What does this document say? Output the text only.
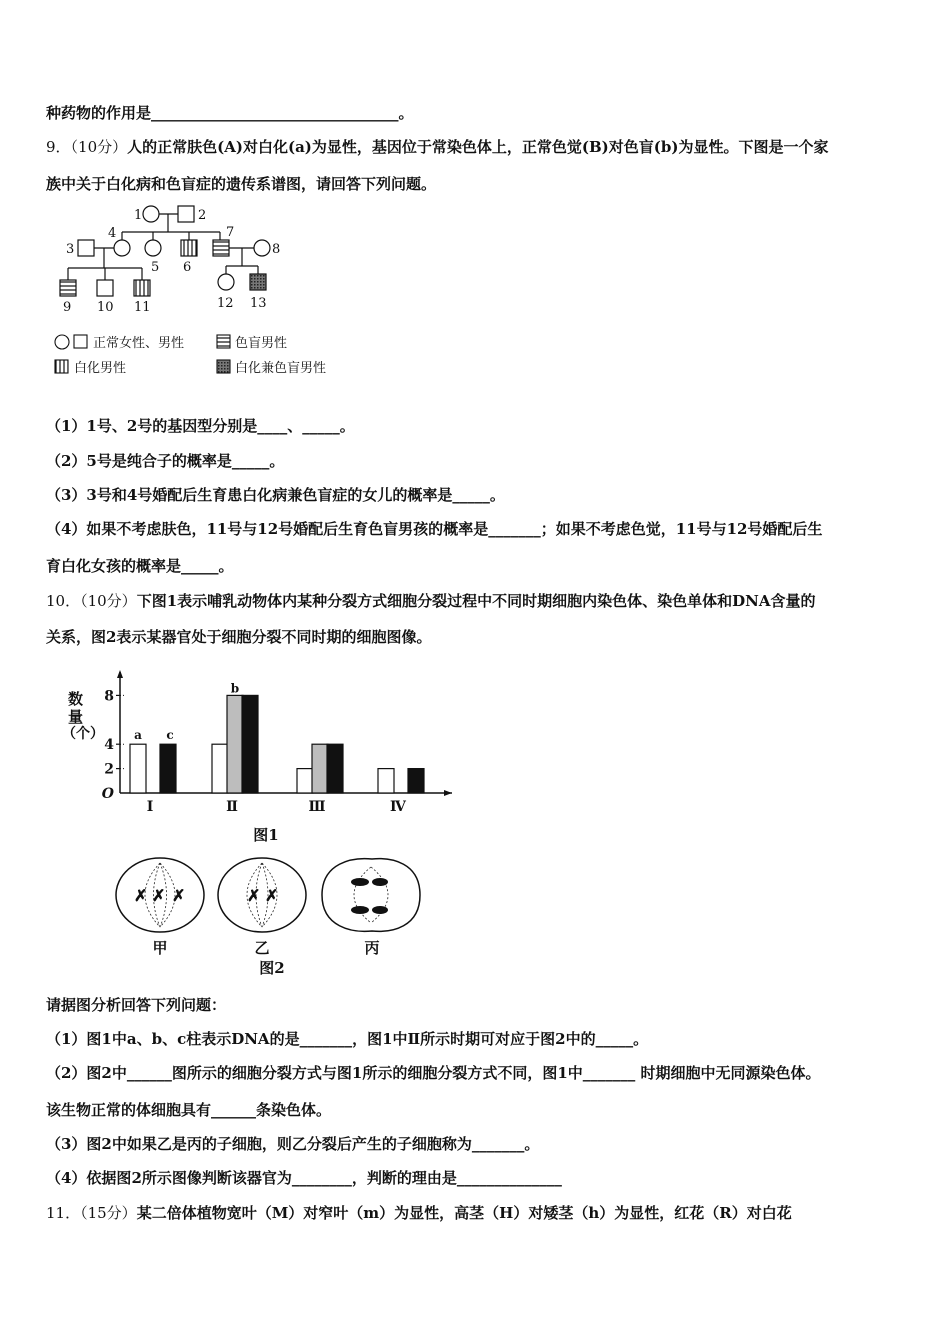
种药物的作用是_________________________________。
9．（10分）人的正常肤色(A)对白化(a)为显性，基因位于常染色体上，正常色觉(B)对色盲(b)为显性。下图是一个家
族中关于白化病和色盲症的遗传系谱图，请回答下列问题。
1	2
3
4
5 6
7
8
9 10 11	12 13
正常女性、男性	色盲男性
白化男性	白化兼色盲男性
（1）1号、2号的基因型分别是____、_____。
（2）5号是纯合子的概率是_____。
（3）3号和4号婚配后生育患白化病兼色盲症的女儿的概率是_____。
（4）如果不考虑肤色，11号与12号婚配后生育色盲男孩的概率是_______；如果不考虑色觉，11号与12号婚配后生
育白化女孩的概率是_____。
10．（10分）下图1表示哺乳动物体内某种分裂方式细胞分裂过程中不同时期细胞内染色体、染色单体和DNA含量的
关系，图2表示某器官处于细胞分裂不同时期的细胞图像。
数
量
（个）
O
2
4
8
Ⅰ	Ⅱ	Ⅲ	Ⅳ
a c
b
图1
✗ ✗ ✗	✗ ✗
甲	乙	丙
图2
请据图分析回答下列问题：
（1）图1中a、b、c柱表示DNA的是_______，图1中Ⅱ所示时期可对应于图2中的_____。
（2）图2中______图所示的细胞分裂方式与图1所示的细胞分裂方式不同，图1中_______ 时期细胞中无同源染色体。
该生物正常的体细胞具有______条染色体。
（3）图2中如果乙是丙的子细胞，则乙分裂后产生的子细胞称为_______。
（4）依据图2所示图像判断该器官为________，判断的理由是______________
11．（15分）某二倍体植物宽叶（M）对窄叶（m）为显性，高茎（H）对矮茎（h）为显性，红花（R）对白花
